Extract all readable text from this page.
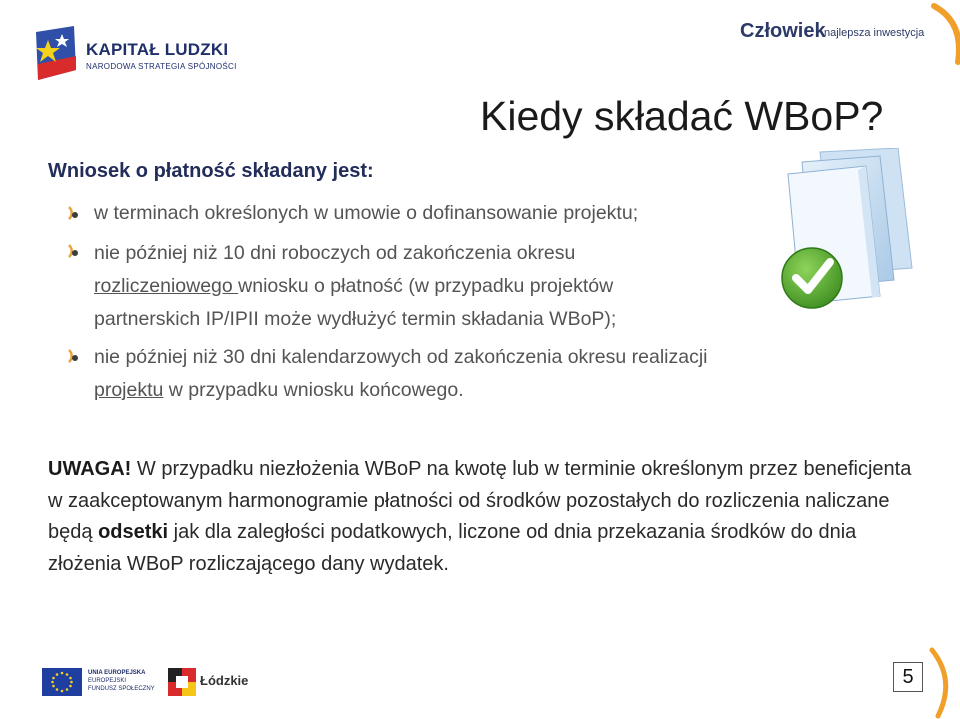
KAPITAŁ LUDZKI
NARODOWA STRATEGIA SPÓJNOŚCI
Człowiek
najlepsza inwestycja
Kiedy składać WBoP?
Wniosek o płatność składany jest:
w terminach określonych w umowie o dofinansowanie projektu;
nie później niż 10 dni roboczych od zakończenia okresu
rozliczeniowego wniosku o płatność (w przypadku projektów
partnerskich IP/IPII może wydłużyć termin składania WBoP);
nie później niż 30 dni kalendarzowych od zakończenia okresu realizacji
projektu w przypadku wniosku końcowego.
UWAGA! W przypadku niezłożenia WBoP na kwotę lub w terminie określonym przez beneficjenta w zaakceptowanym harmonogramie płatności od środków pozostałych do rozliczenia naliczane będą odsetki jak dla zaległości podatkowych, liczone od dnia przekazania środków do dnia złożenia WBoP rozliczającego dany wydatek.
UNIA EUROPEJSKA
EUROPEJSKI
FUNDUSZ SPOŁECZNY
Łódzkie	5
